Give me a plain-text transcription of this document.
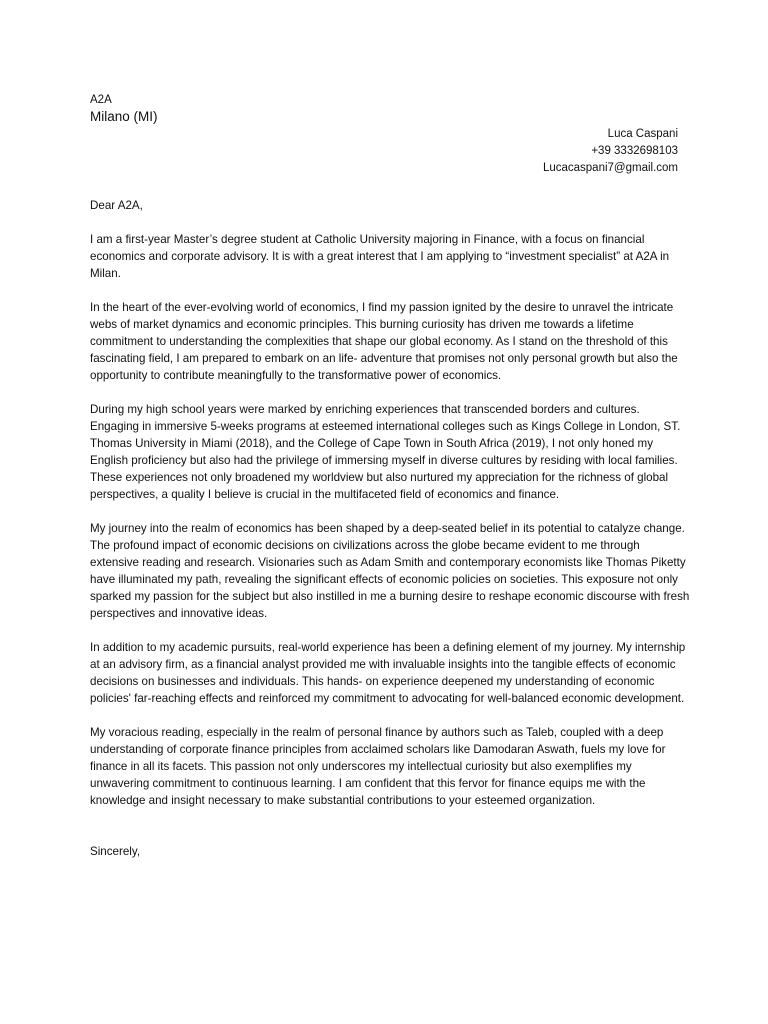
A2A
Milano (MI)
Luca Caspani
+39 3332698103
Lucacaspani7@gmail.com

Dear A2A,

I am a first-year Master’s degree student at Catholic University majoring in Finance, with a focus on financial economics and corporate advisory. It is with a great interest that I am applying to “investment specialist” at A2A in Milan.

In the heart of the ever-evolving world of economics, I find my passion ignited by the desire to unravel the intricate webs of market dynamics and economic principles. This burning curiosity has driven me towards a lifetime commitment to understanding the complexities that shape our global economy. As I stand on the threshold of this fascinating field, I am prepared to embark on an life- adventure that promises not only personal growth but also the opportunity to contribute meaningfully to the transformative power of economics.

During my high school years were marked by enriching experiences that transcended borders and cultures. Engaging in immersive 5-weeks programs at esteemed international colleges such as Kings College in London, ST. Thomas University in Miami (2018), and the College of Cape Town in South Africa (2019), I not only honed my English proficiency but also had the privilege of immersing myself in diverse cultures by residing with local families. These experiences not only broadened my worldview but also nurtured my appreciation for the richness of global perspectives, a quality I believe is crucial in the multifaceted field of economics and finance.

My journey into the realm of economics has been shaped by a deep-seated belief in its potential to catalyze change. The profound impact of economic decisions on civilizations across the globe became evident to me through extensive reading and research. Visionaries such as Adam Smith and contemporary economists like Thomas Piketty have illuminated my path, revealing the significant effects of economic policies on societies. This exposure not only sparked my passion for the subject but also instilled in me a burning desire to reshape economic discourse with fresh perspectives and innovative ideas.

In addition to my academic pursuits, real-world experience has been a defining element of my journey. My internship at an advisory firm, as a financial analyst provided me with invaluable insights into the tangible effects of economic decisions on businesses and individuals. This hands- on experience deepened my understanding of economic policies' far-reaching effects and reinforced my commitment to advocating for well-balanced economic development.

My voracious reading, especially in the realm of personal finance by authors such as Taleb, coupled with a deep understanding of corporate finance principles from acclaimed scholars like Damodaran Aswath, fuels my love for finance in all its facets. This passion not only underscores my intellectual curiosity but also exemplifies my unwavering commitment to continuous learning. I am confident that this fervor for finance equips me with the knowledge and insight necessary to make substantial contributions to your esteemed organization.

Sincerely,
